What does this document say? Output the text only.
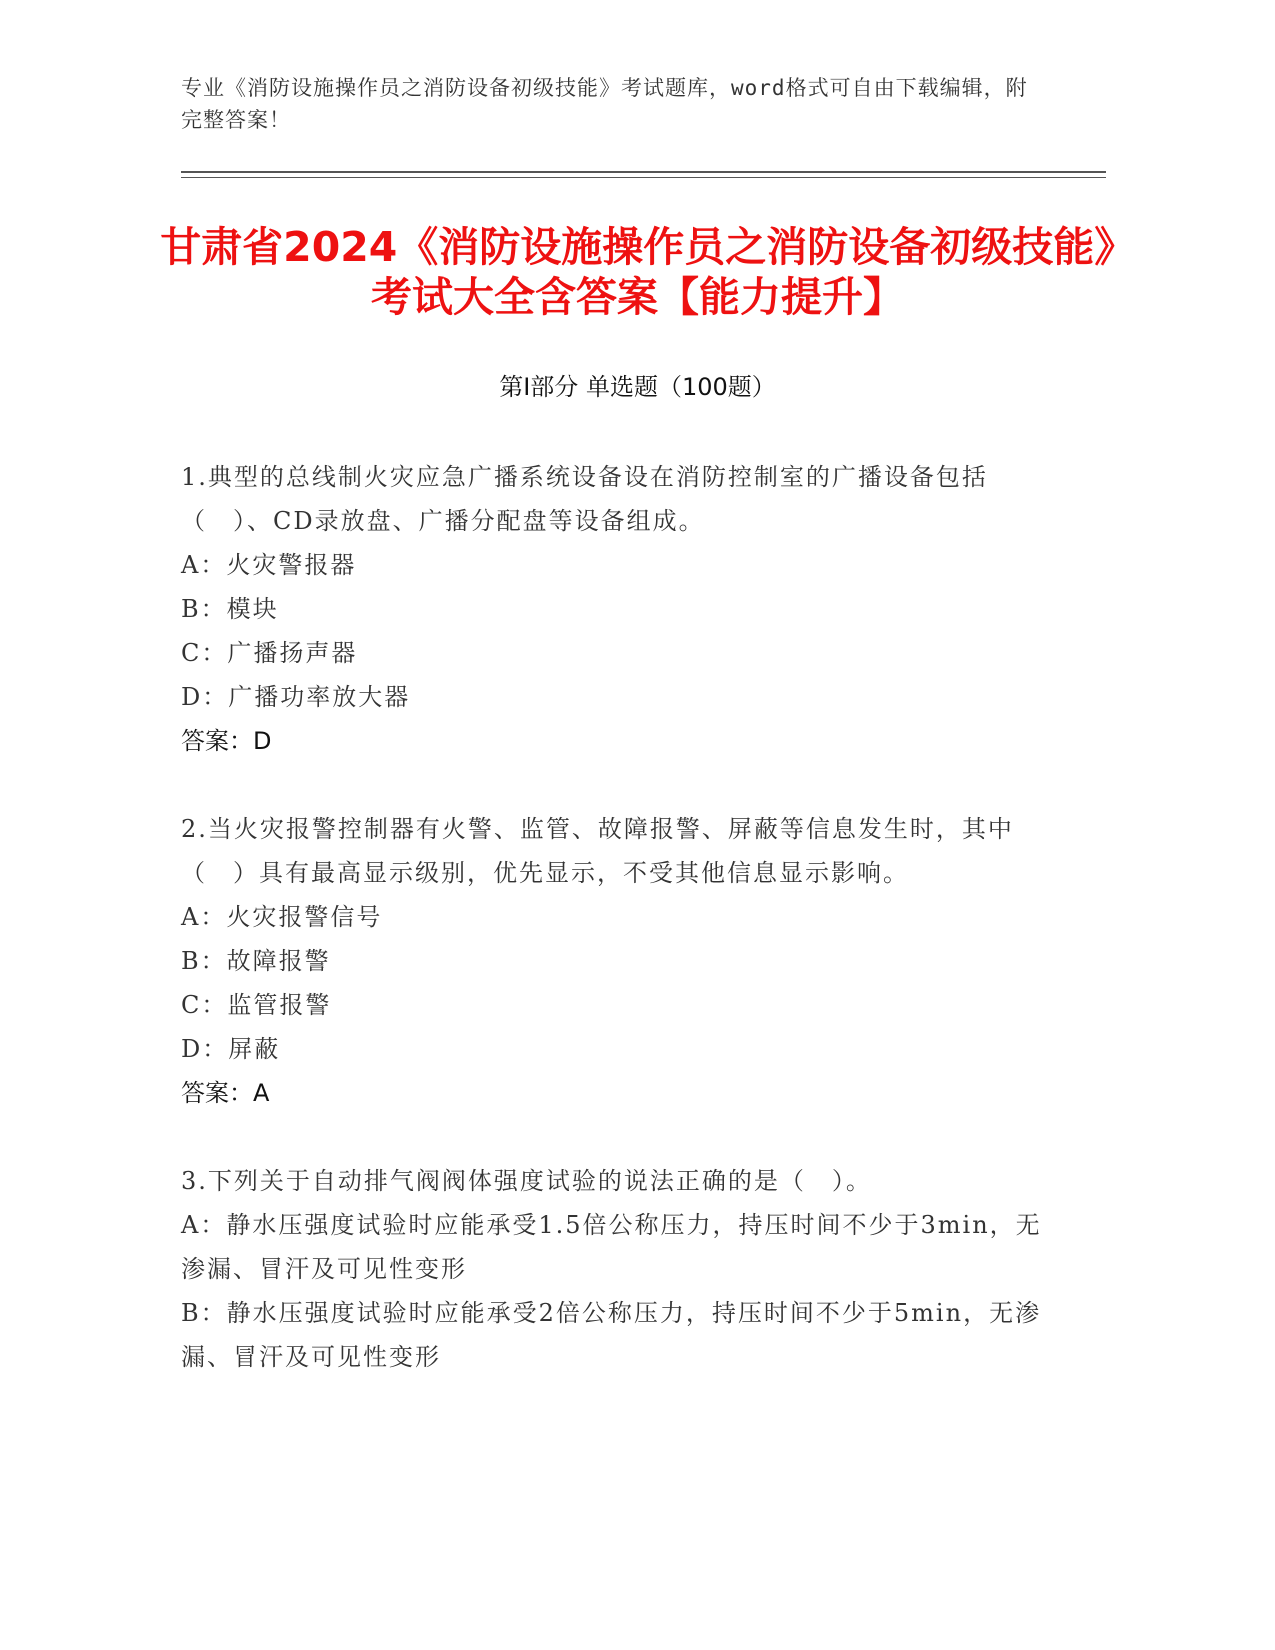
专业《消防设施操作员之消防设备初级技能》考试题库，word格式可自由下载编辑，附完整答案！
甘肃省2024《消防设施操作员之消防设备初级技能》考试大全含答案【能力提升】
第Ⅰ部分 单选题（100题）
1.典型的总线制火灾应急广播系统设备设在消防控制室的广播设备包括（　）、CD录放盘、广播分配盘等设备组成。
A：火灾警报器
B：模块
C：广播扬声器
D：广播功率放大器
答案：D
2.当火灾报警控制器有火警、监管、故障报警、屏蔽等信息发生时，其中（　）具有最高显示级别，优先显示，不受其他信息显示影响。
A：火灾报警信号
B：故障报警
C：监管报警
D：屏蔽
答案：A
3.下列关于自动排气阀阀体强度试验的说法正确的是（　）。
A：静水压强度试验时应能承受1.5倍公称压力，持压时间不少于3min，无渗漏、冒汗及可见性变形
B：静水压强度试验时应能承受2倍公称压力，持压时间不少于5min，无渗漏、冒汗及可见性变形
